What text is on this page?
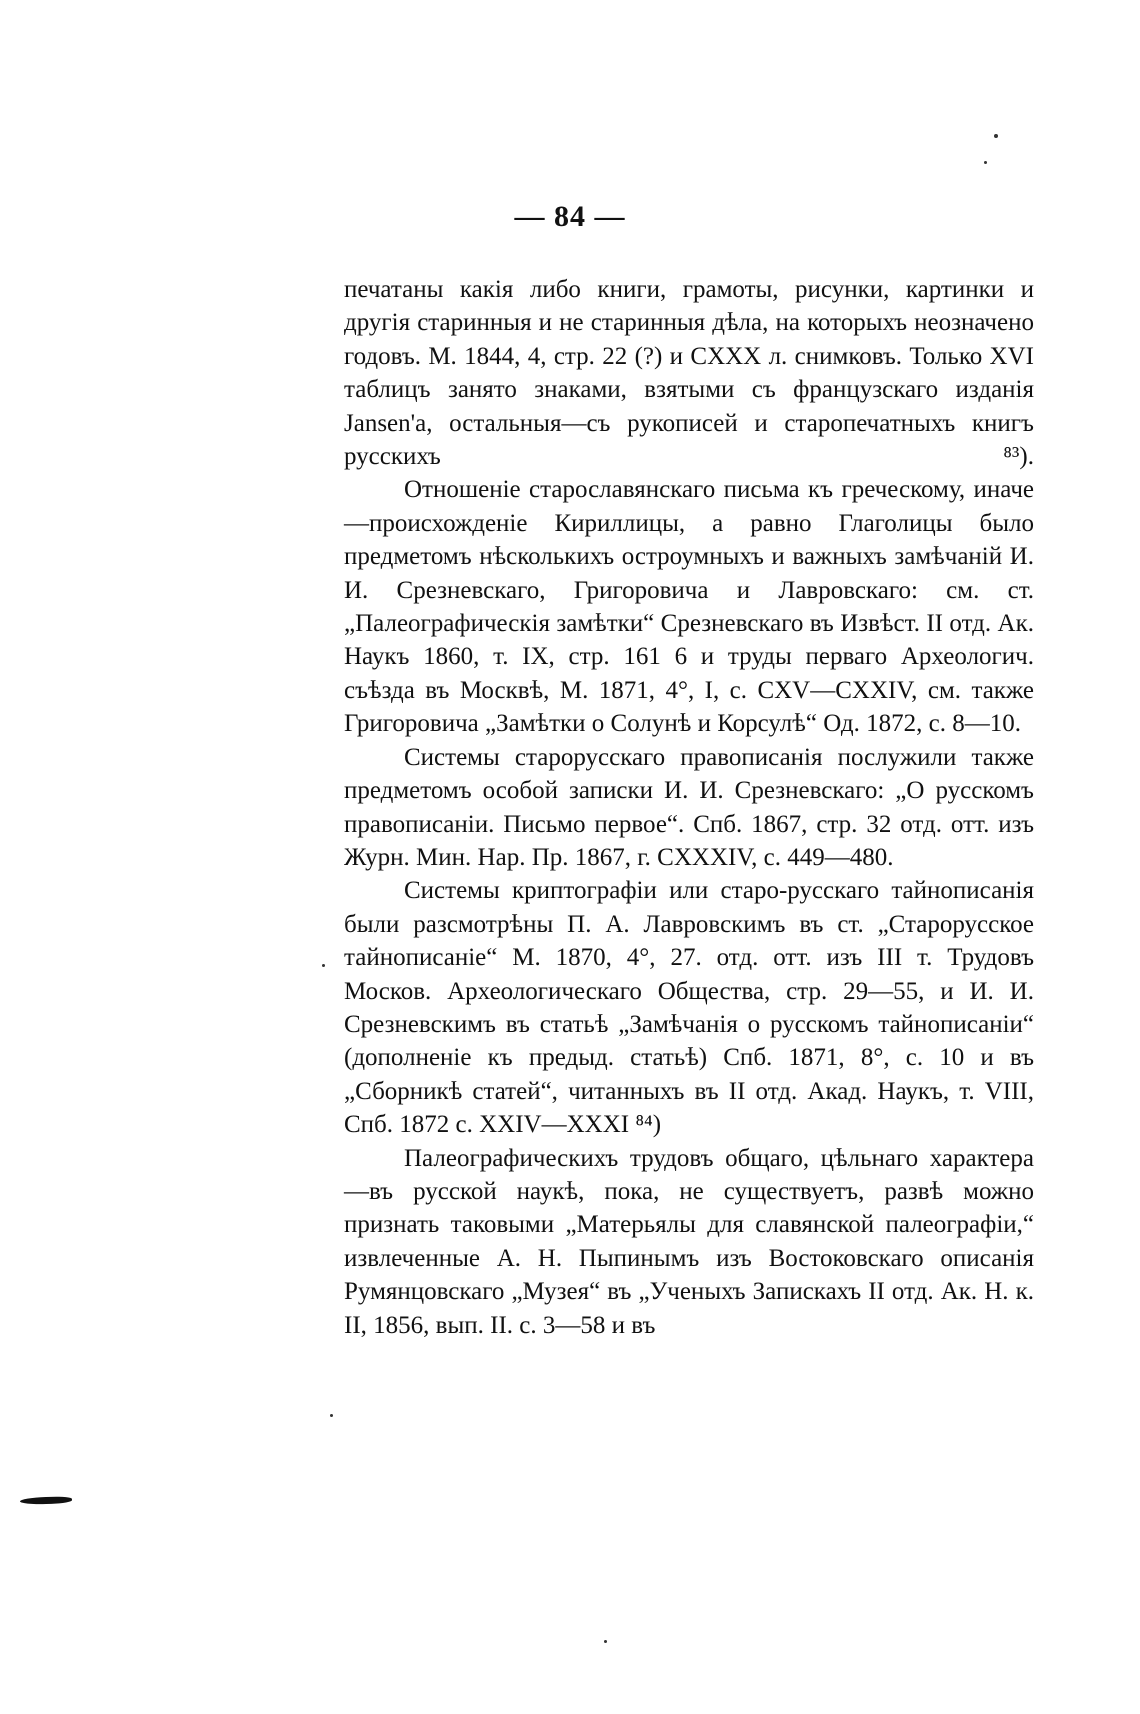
— 84 —

печатаны какія либо книги, грамоты, рисунки, картинки и другія старинныя и не старинныя дѣла, на которыхъ неозначено годовъ. М. 1844, 4, стр. 22 (?) и CXXX л. снимковъ. Только XVI таблицъ занято знаками, взятыми съ французскаго изданія Jansen'a, остальныя—съ рукописей и старопечатныхъ книгъ русскихъ ⁸³).

Отношеніе старославянскаго письма къ греческому, иначе—происхожденіе Кириллицы, а равно Глаголицы было предметомъ нѣсколькихъ остроумныхъ и важныхъ замѣчаній И. И. Срезневскаго, Григоровича и Лавровскаго: см. ст. „Палеографическія замѣтки“ Срезневскаго въ Извѣст. II отд. Ак. Наукъ 1860, т. IX, стр. 161 6 и труды перваго Археологич. съѣзда въ Москвѣ, М. 1871, 4°, I, с. CXV—CXXIV, см. также Григоровича „Замѣтки о Солунѣ и Корсулѣ“ Од. 1872, с. 8—10.

Системы старорусскаго правописанія послужили также предметомъ особой записки И. И. Срезневскаго: „О русскомъ правописаніи. Письмо первое“. Спб. 1867, стр. 32 отд. отт. изъ Журн. Мин. Нар. Пр. 1867, г. CXXXIV, с. 449—480.

Системы криптографіи или старо-русскаго тайнописанія были разсмотрѣны П. А. Лавровскимъ въ ст. „Старорусское тайнописаніе“ М. 1870, 4°, 27. отд. отт. изъ III т. Трудовъ Москов. Археологическаго Общества, стр. 29—55, и И. И. Срезневскимъ въ статьѣ „Замѣчанія о русскомъ тайнописаніи“ (дополненіе къ предыд. статьѣ) Спб. 1871, 8°, с. 10 и въ „Сборникѣ статей“, читанныхъ въ II отд. Акад. Наукъ, т. VIII, Спб. 1872 с. XXIV—XXXI ⁸⁴)

Палеографическихъ трудовъ общаго, цѣльнаго характера—въ русской наукѣ, пока, не существуетъ, развѣ можно признать таковыми „Матерьялы для славянской палеографіи,“ извлеченные А. Н. Пыпинымъ изъ Востоковскаго описанія Румянцовскаго „Музея“ въ „Ученыхъ Запискахъ II отд. Ак. Н. к. II, 1856, вып. II. с. 3—58 и въ
